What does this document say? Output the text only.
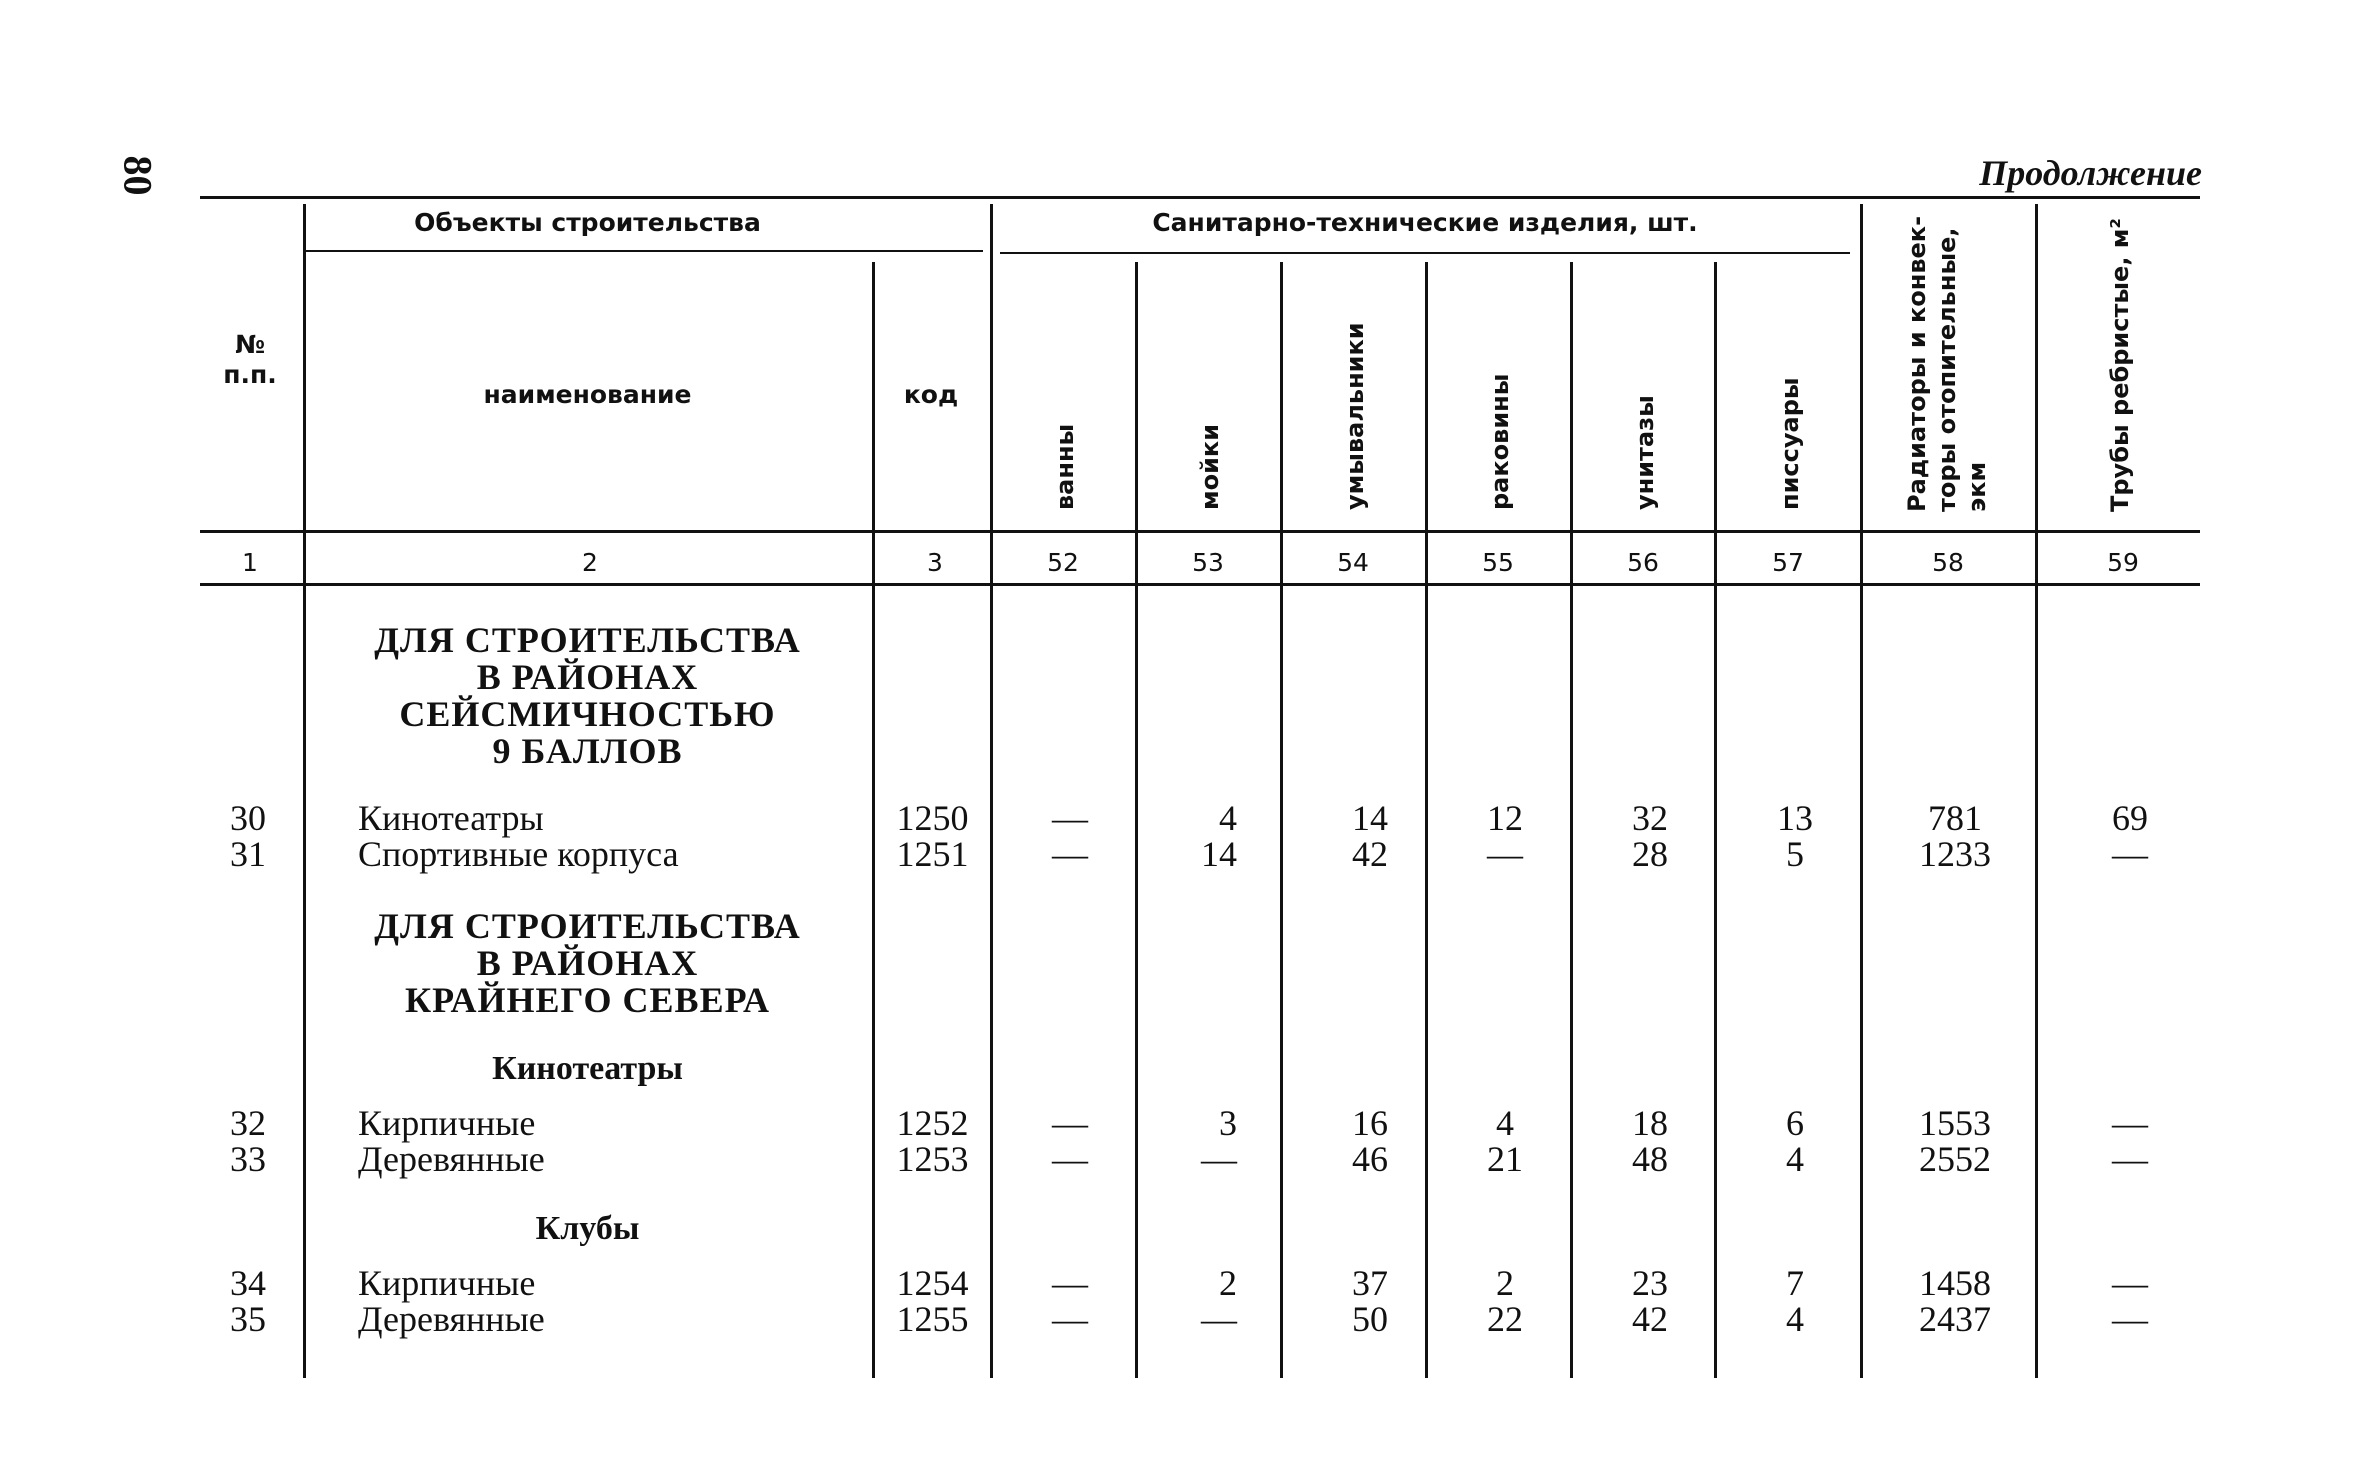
80	Продолжение
№
п.п.
Объекты строительства
наименование	код
Санитарно-технические изделия, шт.
ванны	мойки	умывальники	раковины	унитазы	писсуары	Радиаторы и конвек- торы отопительные, экм	Трубы ребристые, м²
1	2	3	52	53	54	55	56	57	58	59
ДЛЯ СТРОИТЕЛЬСТВА
В РАЙОНАХ
СЕЙСМИЧНОСТЬЮ
9 БАЛЛОВ
ДЛЯ СТРОИТЕЛЬСТВА
В РАЙОНАХ
КРАЙНЕГО СЕВЕРА
Кинотеатры
Клубы
30	Кинотеатры	1250	—	4	14	12	32	13	781	69
31	Спортивные корпуса	1251	—	14	42	—	28	5	1233	—
32	Кирпичные	1252	—	3	16	4	18	6	1553	—
33	Деревянные	1253	—	—	46	21	48	4	2552	—
34	Кирпичные	1254	—	2	37	2	23	7	1458	—
35	Деревянные	1255	—	—	50	22	42	4	2437	—
